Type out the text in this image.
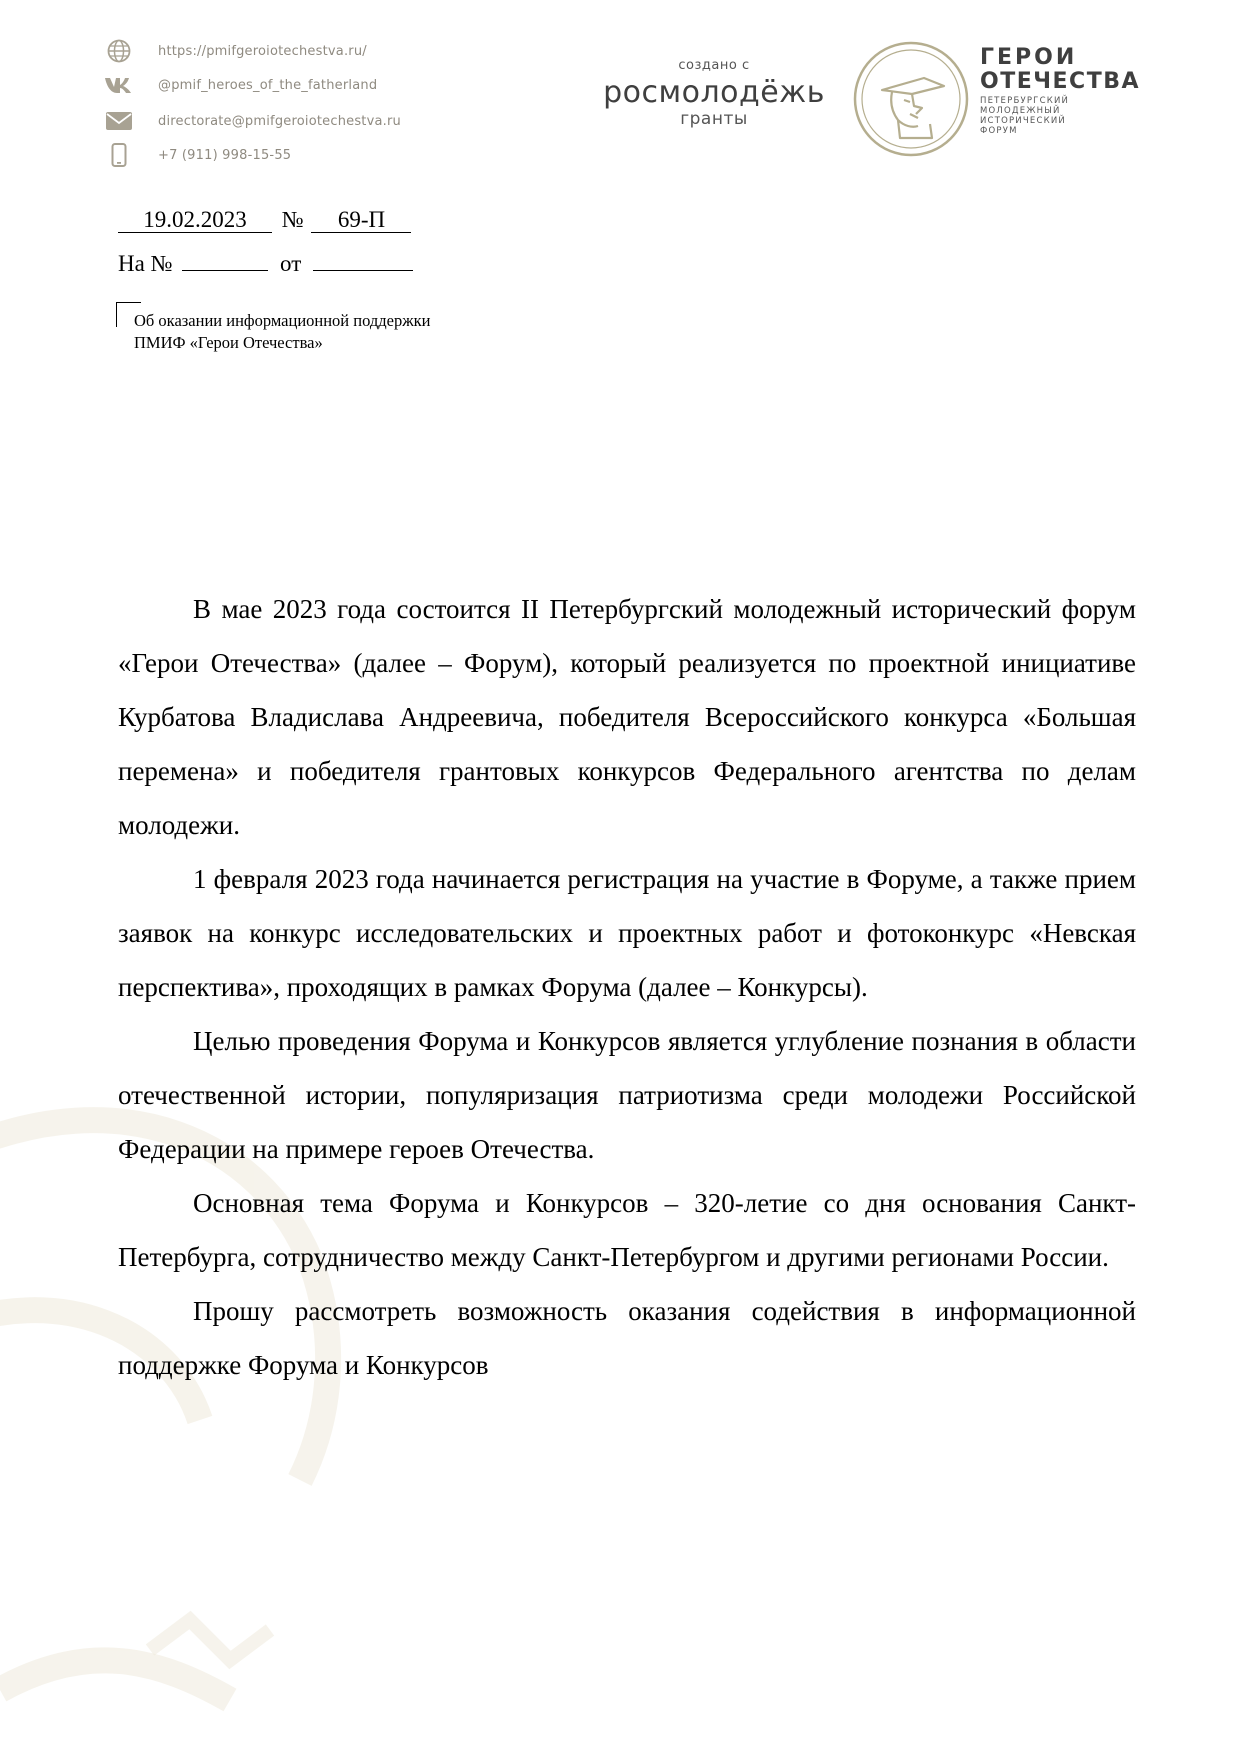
https://pmifgeroiotechestva.ru/
@pmif_heroes_of_the_fatherland
directorate@pmifgeroiotechestva.ru
+7 (911) 998-15-55
создано с
росмолодёжь
гранты
ГЕРОИ
ОТЕЧЕСТВА
ПЕТЕРБУРГСКИЙ
МОЛОДЕЖНЫЙ
ИСТОРИЧЕСКИЙ
ФОРУМ
19.02.2023 № 69-П
На №	от
Об оказании информационной поддержки
ПМИФ «Герои Отечества»

В мае 2023 года состоится II Петербургский молодежный исторический форум «Герои Отечества» (далее – Форум), который реализуется по проектной инициативе Курбатова Владислава Андреевича, победителя Всероссийского конкурса «Большая перемена» и победителя грантовых конкурсов Федерального агентства по делам молодежи.

1 февраля 2023 года начинается регистрация на участие в Форуме, а также прием заявок на конкурс исследовательских и проектных работ и фотоконкурс «Невская перспектива», проходящих в рамках Форума (далее – Конкурсы).

Целью проведения Форума и Конкурсов является углубление познания в области отечественной истории, популяризация патриотизма среди молодежи Российской Федерации на примере героев Отечества.

Основная тема Форума и Конкурсов – 320-летие со дня основания Санкт-Петербурга, сотрудничество между Санкт-Петербургом и другими регионами России.

Прошу рассмотреть возможность оказания содействия в информационной поддержке Форума и Конкурсов
